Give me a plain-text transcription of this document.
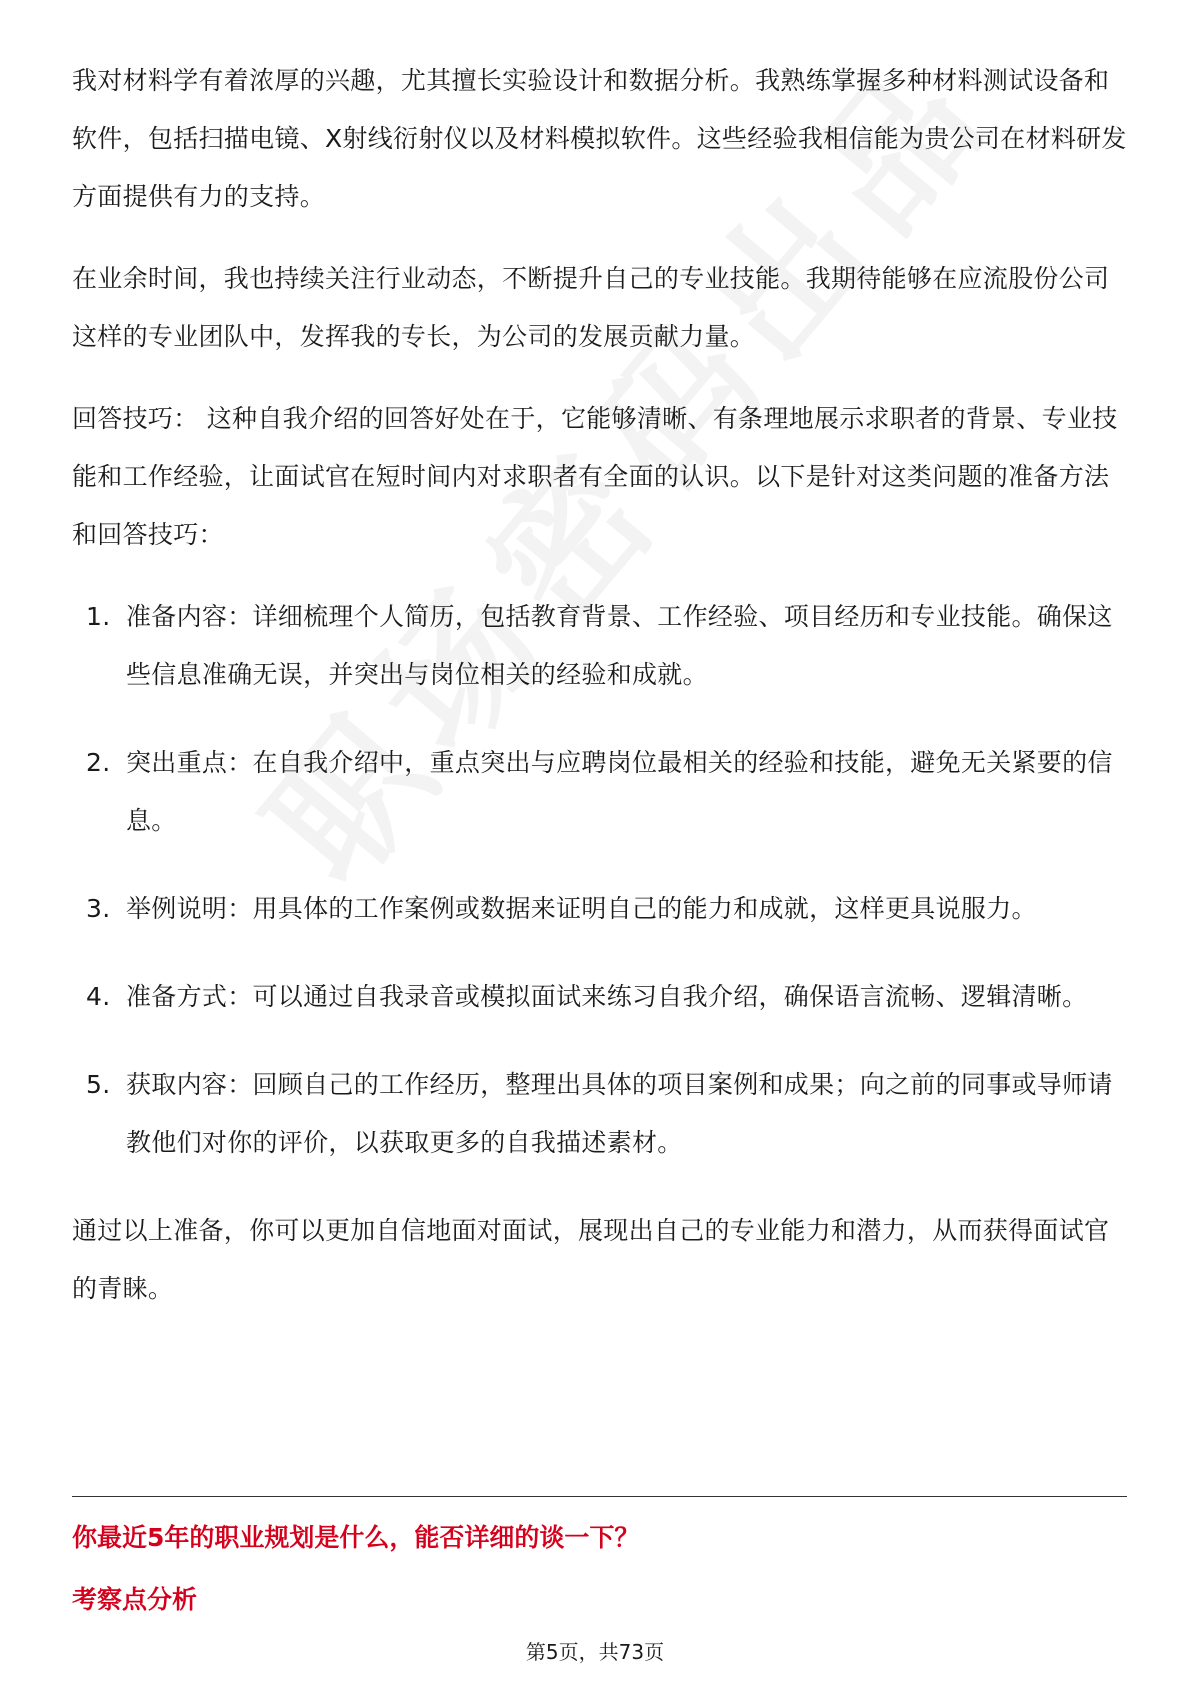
我对材料学有着浓厚的兴趣，尤其擅长实验设计和数据分析。我熟练掌握多种材料测试设备和软件，包括扫描电镜、X射线衍射仪以及材料模拟软件。这些经验我相信能为贵公司在材料研发方面提供有力的支持。

在业余时间，我也持续关注行业动态，不断提升自己的专业技能。我期待能够在应流股份公司这样的专业团队中，发挥我的专长，为公司的发展贡献力量。

回答技巧： 这种自我介绍的回答好处在于，它能够清晰、有条理地展示求职者的背景、专业技能和工作经验，让面试官在短时间内对求职者有全面的认识。以下是针对这类问题的准备方法和回答技巧：

1. 准备内容：详细梳理个人简历，包括教育背景、工作经验、项目经历和专业技能。确保这些信息准确无误，并突出与岗位相关的经验和成就。
2. 突出重点：在自我介绍中，重点突出与应聘岗位最相关的经验和技能，避免无关紧要的信息。
3. 举例说明：用具体的工作案例或数据来证明自己的能力和成就，这样更具说服力。
4. 准备方式：可以通过自我录音或模拟面试来练习自我介绍，确保语言流畅、逻辑清晰。
5. 获取内容：回顾自己的工作经历，整理出具体的项目案例和成果；向之前的同事或导师请教他们对你的评价，以获取更多的自我描述素材。

通过以上准备，你可以更加自信地面对面试，展现出自己的专业能力和潜力，从而获得面试官的青睐。

你最近5年的职业规划是什么，能否详细的谈一下？
考察点分析
第5页，共73页
